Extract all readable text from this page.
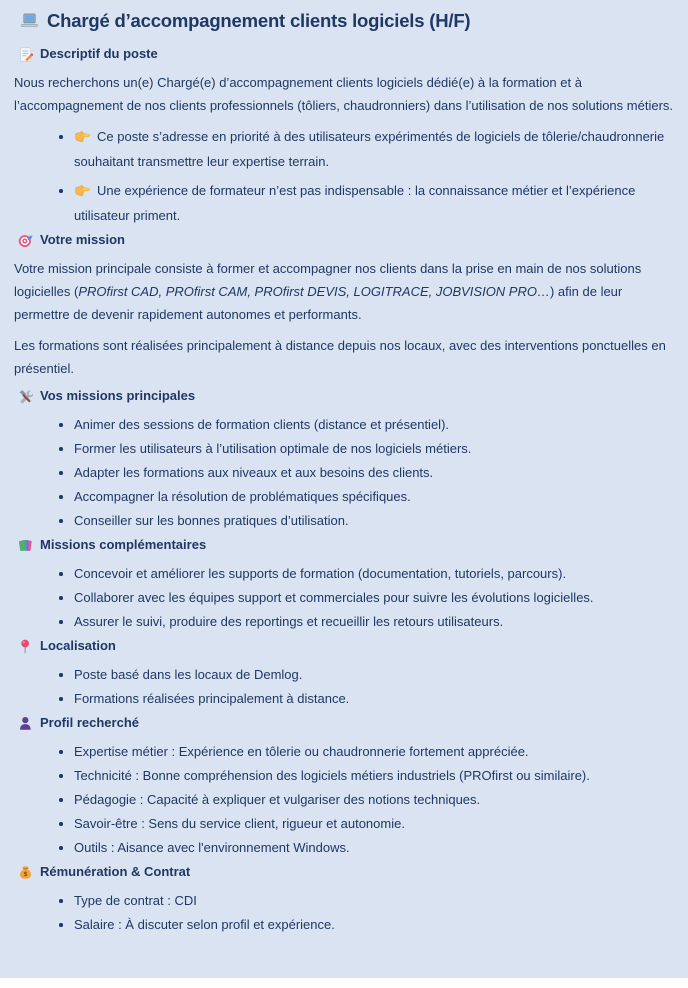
Chargé d’accompagnement clients logiciels (H/F)
Descriptif du poste

Nous recherchons un(e) Chargé(e) d’accompagnement clients logiciels dédié(e) à la formation et à l’accompagnement de nos clients professionnels (tôliers, chaudronniers) dans l’utilisation de nos solutions métiers.

Ce poste s’adresse en priorité à des utilisateurs expérimentés de logiciels de tôlerie/chaudronnerie souhaitant transmettre leur expertise terrain.
Une expérience de formateur n’est pas indispensable : la connaissance métier et l’expérience utilisateur priment.
Votre mission

Votre mission principale consiste à former et accompagner nos clients dans la prise en main de nos solutions logicielles (PROfirst CAD, PROfirst CAM, PROfirst DEVIS, LOGITRACE, JOBVISION PRO…) afin de leur permettre de devenir rapidement autonomes et performants.

Les formations sont réalisées principalement à distance depuis nos locaux, avec des interventions ponctuelles en présentiel.

Vos missions principales
Animer des sessions de formation clients (distance et présentiel).
Former les utilisateurs à l’utilisation optimale de nos logiciels métiers.
Adapter les formations aux niveaux et aux besoins des clients.
Accompagner la résolution de problématiques spécifiques.
Conseiller sur les bonnes pratiques d’utilisation.
Missions complémentaires
Concevoir et améliorer les supports de formation (documentation, tutoriels, parcours).
Collaborer avec les équipes support et commerciales pour suivre les évolutions logicielles.
Assurer le suivi, produire des reportings et recueillir les retours utilisateurs.
Localisation
Poste basé dans les locaux de Demlog.
Formations réalisées principalement à distance.
Profil recherché
Expertise métier : Expérience en tôlerie ou chaudronnerie fortement appréciée.
Technicité : Bonne compréhension des logiciels métiers industriels (PROfirst ou similaire).
Pédagogie : Capacité à expliquer et vulgariser des notions techniques.
Savoir-être : Sens du service client, rigueur et autonomie.
Outils : Aisance avec l'environnement Windows.
$ Rémunération & Contrat
Type de contrat : CDI
Salaire : À discuter selon profil et expérience.
